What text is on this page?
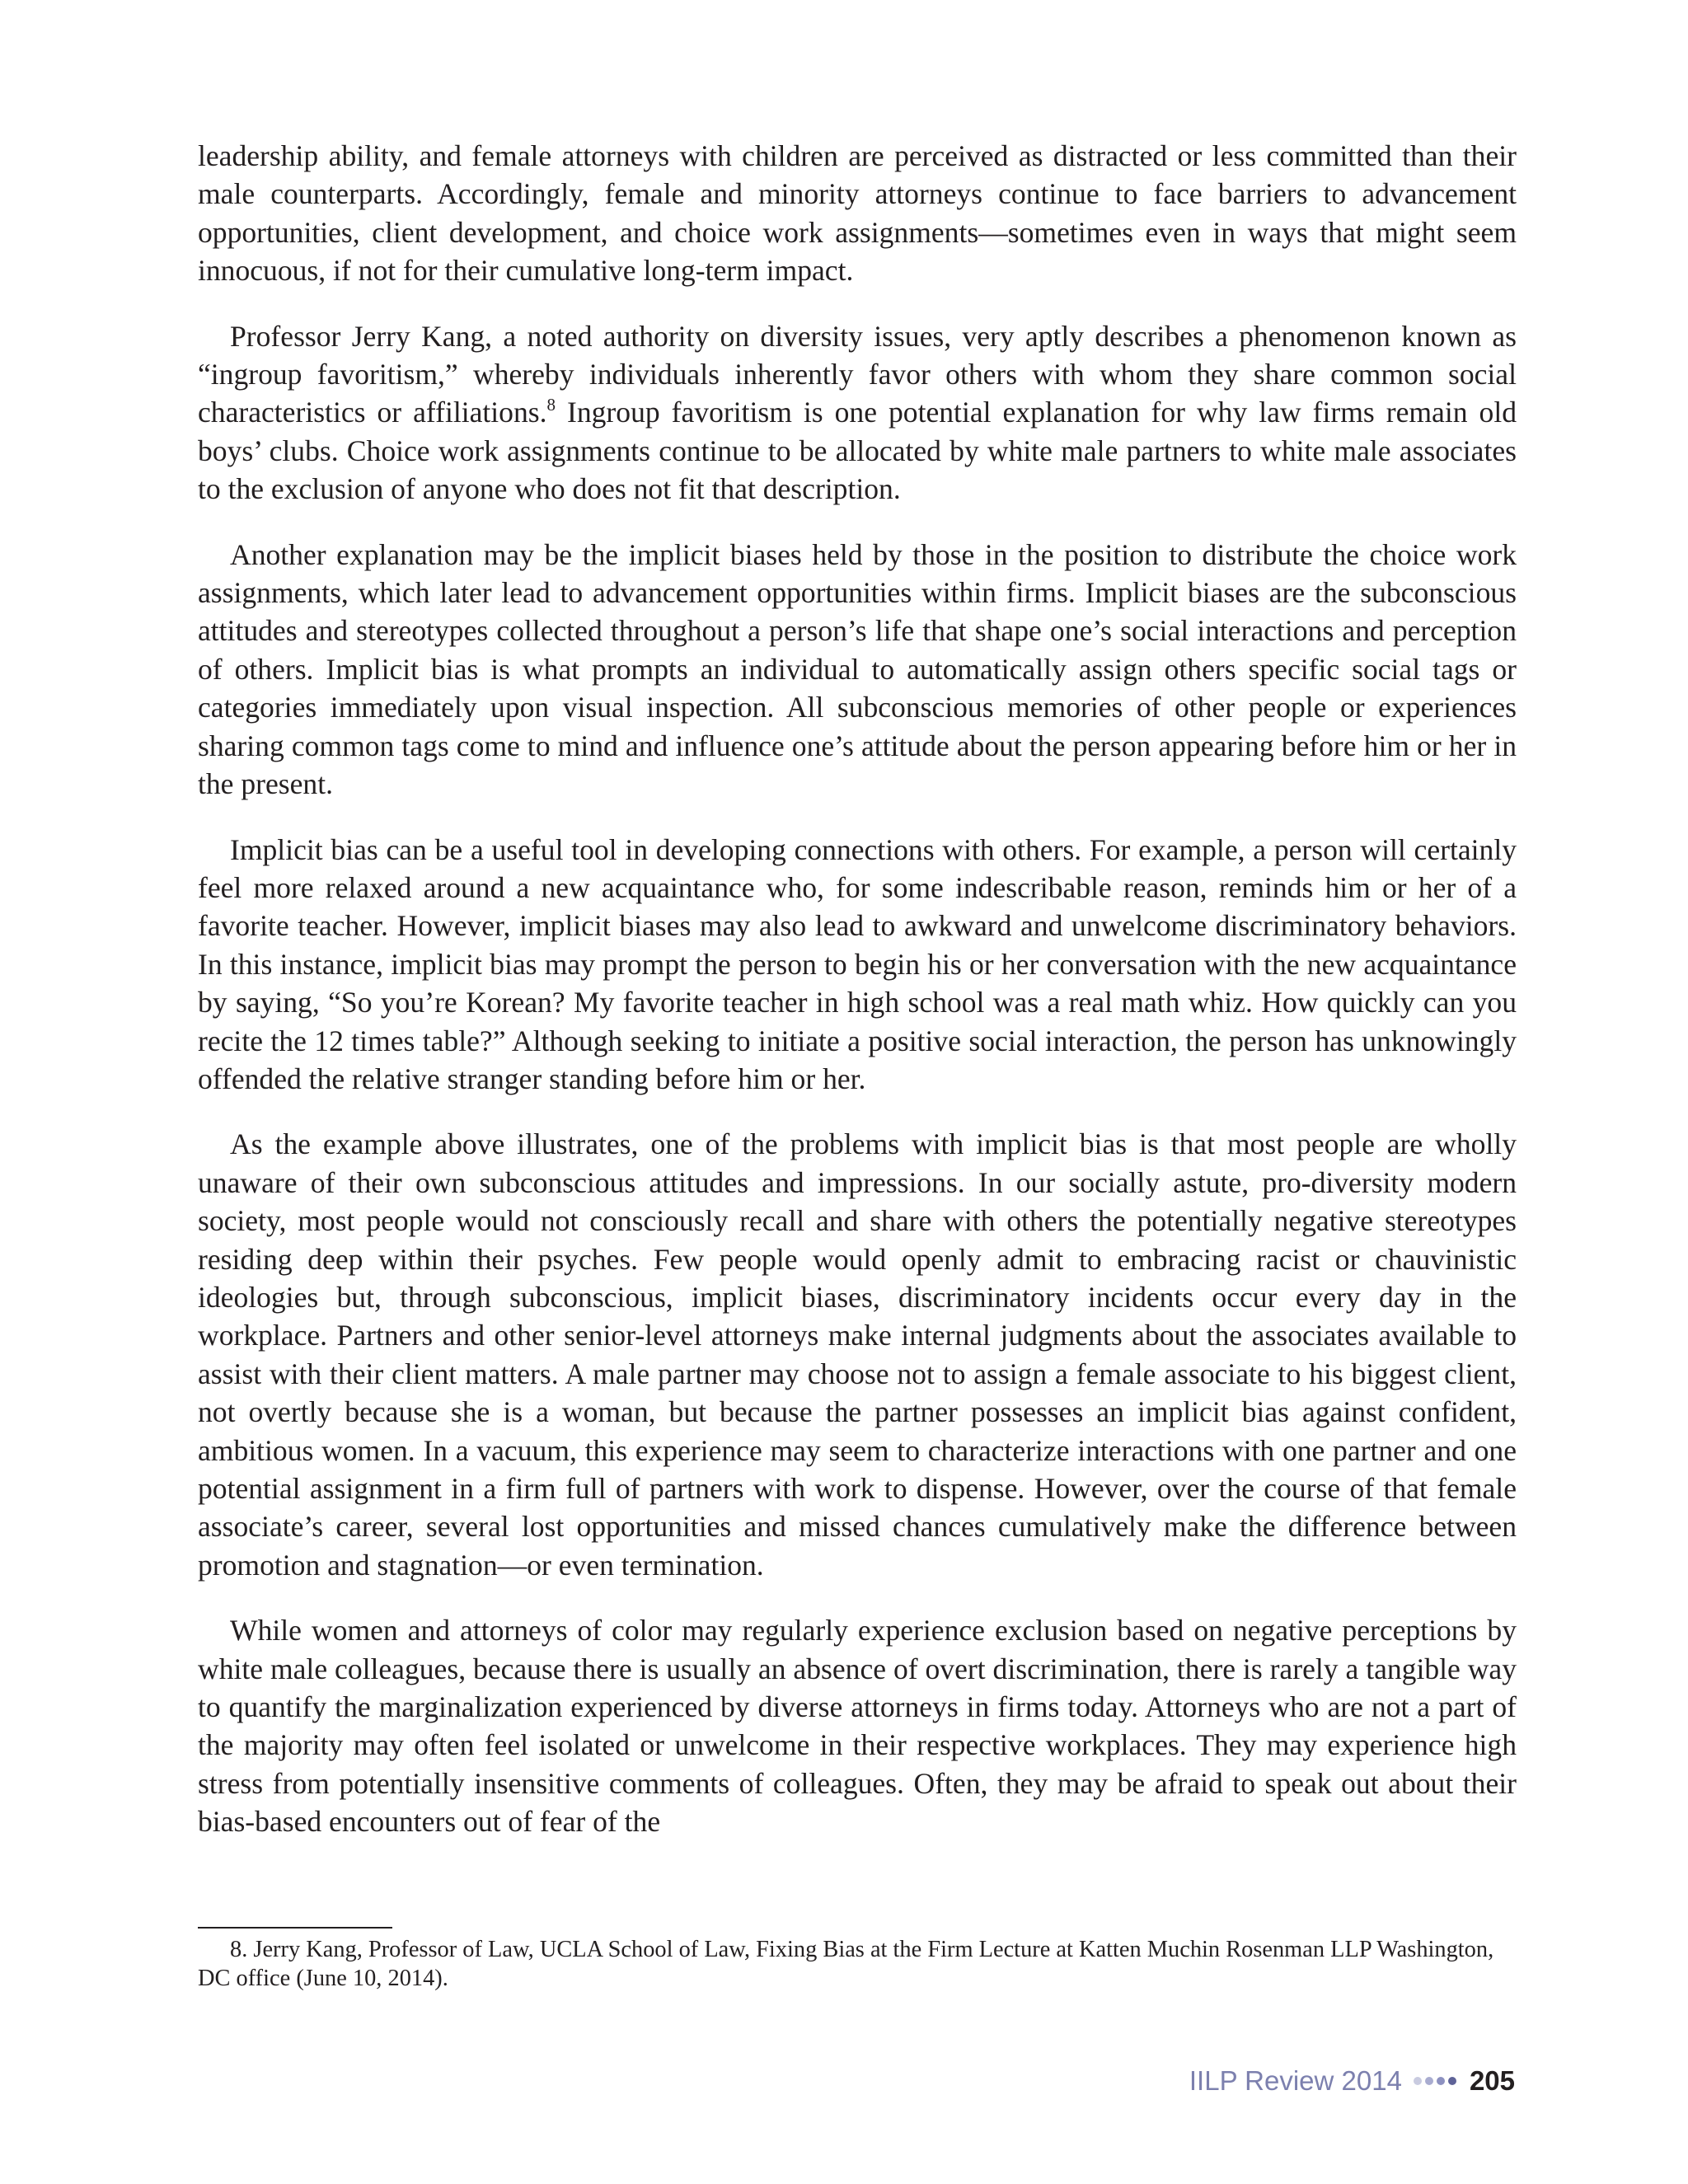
leadership ability, and female attorneys with children are perceived as distracted or less committed than their male counterparts. Accordingly, female and minority attorneys continue to face barriers to advancement opportunities, client development, and choice work assignments—sometimes even in ways that might seem innocuous, if not for their cumulative long-term impact.

Professor Jerry Kang, a noted authority on diversity issues, very aptly describes a phenomenon known as “ingroup favoritism,” whereby individuals inherently favor others with whom they share common social characteristics or affiliations.$^8$ Ingroup favoritism is one potential explanation for why law firms remain old boys’ clubs. Choice work assignments continue to be allocated by white male partners to white male associates to the exclusion of anyone who does not fit that description.

Another explanation may be the implicit biases held by those in the position to distribute the choice work assignments, which later lead to advancement opportunities within firms. Implicit biases are the subconscious attitudes and stereotypes collected throughout a person’s life that shape one’s social interactions and perception of others. Implicit bias is what prompts an individual to automatically assign others specific social tags or categories immediately upon visual inspection. All subconscious memories of other people or experiences sharing common tags come to mind and influence one’s attitude about the person appearing before him or her in the present.

Implicit bias can be a useful tool in developing connections with others. For example, a person will certainly feel more relaxed around a new acquaintance who, for some indescribable reason, reminds him or her of a favorite teacher. However, implicit biases may also lead to awkward and unwelcome discriminatory behaviors. In this instance, implicit bias may prompt the person to begin his or her conversation with the new acquaintance by saying, “So you’re Korean? My favorite teacher in high school was a real math whiz. How quickly can you recite the 12 times table?” Although seeking to initiate a positive social interaction, the person has unknowingly offended the relative stranger standing before him or her.

As the example above illustrates, one of the problems with implicit bias is that most people are wholly unaware of their own subconscious attitudes and impressions. In our socially astute, pro-diversity modern society, most people would not consciously recall and share with others the potentially negative stereotypes residing deep within their psyches. Few people would openly admit to embracing racist or chauvinistic ideologies but, through subconscious, implicit biases, discriminatory incidents occur every day in the workplace. Partners and other senior-level attorneys make internal judgments about the associates available to assist with their client matters. A male partner may choose not to assign a female associate to his biggest client, not overtly because she is a woman, but because the partner possesses an implicit bias against confident, ambitious women. In a vacuum, this experience may seem to characterize interactions with one partner and one potential assignment in a firm full of partners with work to dispense. However, over the course of that female associate’s career, several lost opportunities and missed chances cumulatively make the difference between promotion and stagnation—or even termination.

While women and attorneys of color may regularly experience exclusion based on negative perceptions by white male colleagues, because there is usually an absence of overt discrimination, there is rarely a tangible way to quantify the marginalization experienced by diverse attorneys in firms today. Attorneys who are not a part of the majority may often feel isolated or unwelcome in their respective workplaces. They may experience high stress from potentially insensitive comments of colleagues. Often, they may be afraid to speak out about their bias-based encounters out of fear of the

8. Jerry Kang, Professor of Law, UCLA School of Law, Fixing Bias at the Firm Lecture at Katten Muchin Rosenman LLP Washington, DC office (June 10, 2014).

IILP Review 2014 205
